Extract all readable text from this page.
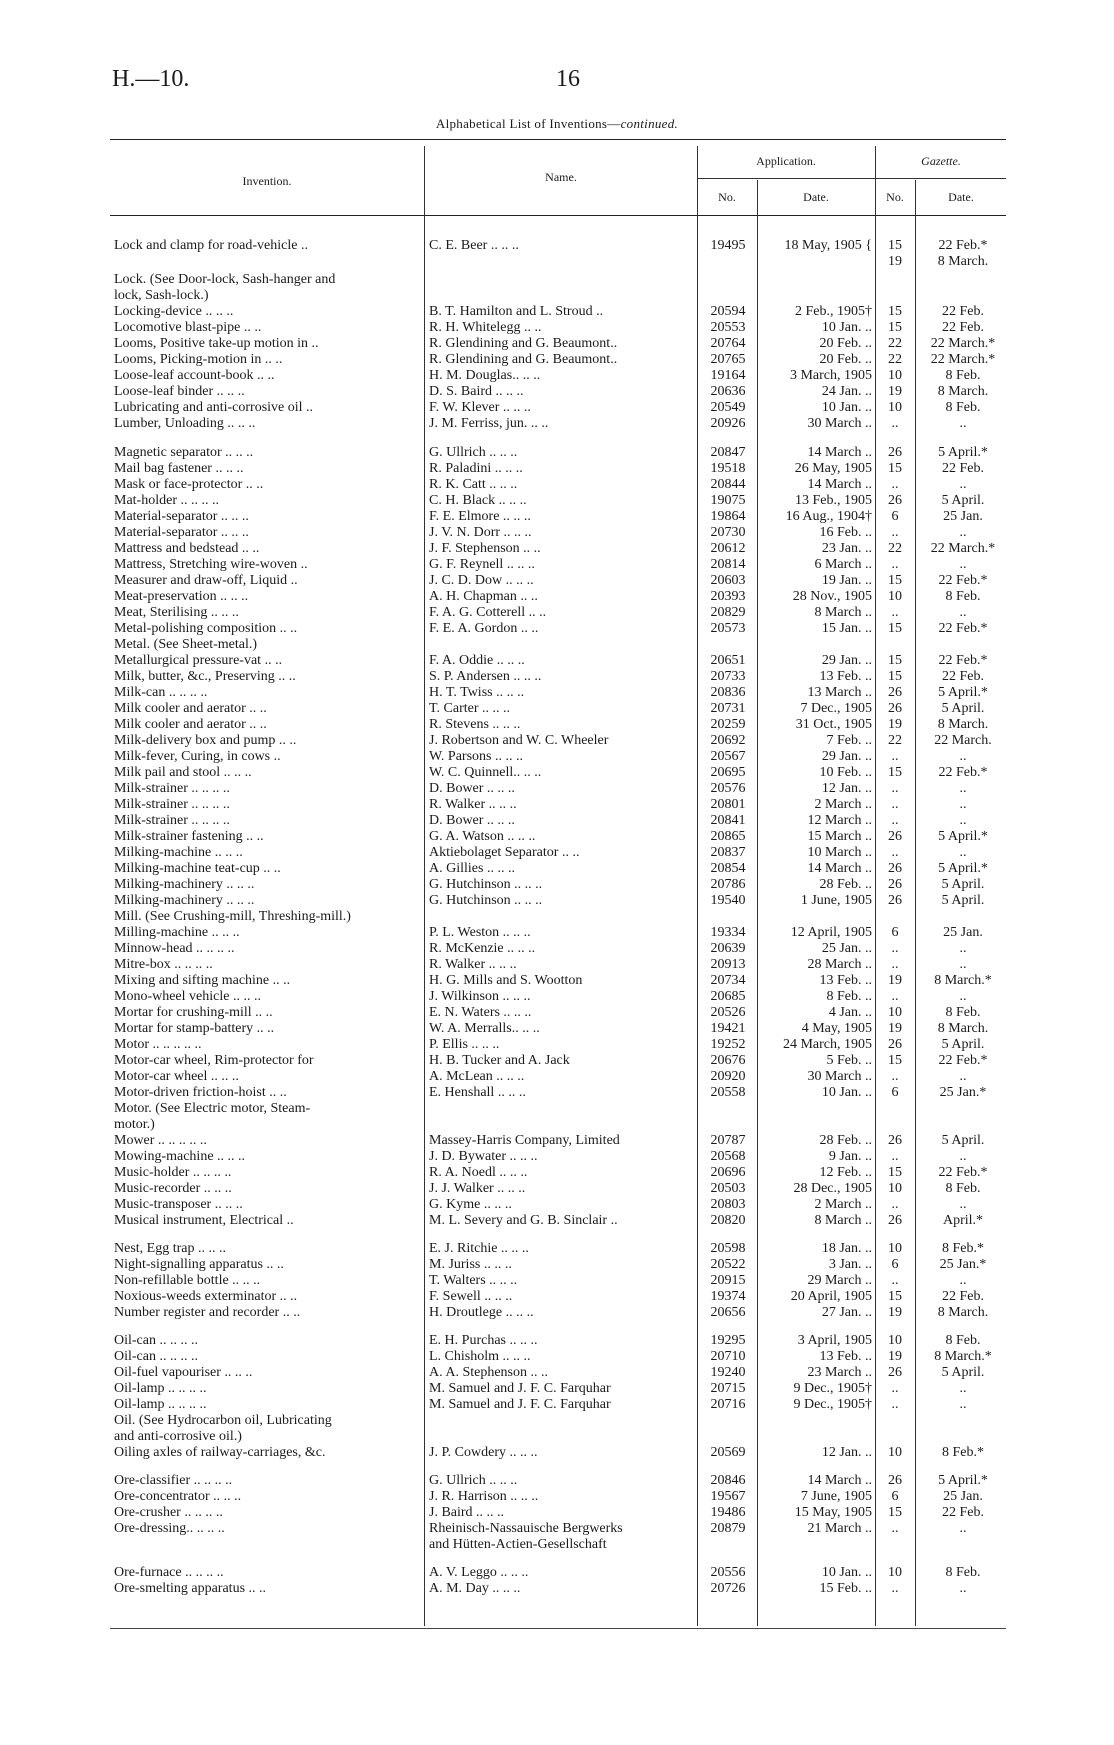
H.—10.	16
Alphabetical List of Inventions—continued.
Invention.	Name.
Application.	Gazette.
No.	Date.	No.	Date.
Lock and clamp for road-vehicle ..	C. E. Beer .. .. ..	19495	18 May, 1905 {	15	22 Feb.*
19	8 March.
Lock. (See Door-lock, Sash-hanger and
lock, Sash-lock.)
Locking-device .. .. ..	B. T. Hamilton and L. Stroud ..	20594	2 Feb., 1905†	15	22 Feb.
Locomotive blast-pipe .. ..	R. H. Whitelegg .. ..	20553	10 Jan. ..	15	22 Feb.
Looms, Positive take-up motion in ..	R. Glendining and G. Beaumont..	20764	20 Feb. ..	22	22 March.*
Looms, Picking-motion in .. ..	R. Glendining and G. Beaumont..	20765	20 Feb. ..	22	22 March.*
Loose-leaf account-book .. ..	H. M. Douglas.. .. ..	19164	3 March, 1905	10	8 Feb.
Loose-leaf binder .. .. ..	D. S. Baird .. .. ..	20636	24 Jan. ..	19	8 March.
Lubricating and anti-corrosive oil ..	F. W. Klever .. .. ..	20549	10 Jan. ..	10	8 Feb.
Lumber, Unloading .. .. ..	J. M. Ferriss, jun. .. ..	20926	30 March ..	..	..
Magnetic separator .. .. ..	G. Ullrich .. .. ..	20847	14 March ..	26	5 April.*
Mail bag fastener .. .. ..	R. Paladini .. .. ..	19518	26 May, 1905	15	22 Feb.
Mask or face-protector .. ..	R. K. Catt .. .. ..	20844	14 March ..	..	..
Mat-holder .. .. .. ..	C. H. Black .. .. ..	19075	13 Feb., 1905	26	5 April.
Material-separator .. .. ..	F. E. Elmore .. .. ..	19864	16 Aug., 1904†	6	25 Jan.
Material-separator .. .. ..	J. V. N. Dorr .. .. ..	20730	16 Feb. ..	..	..
Mattress and bedstead .. ..	J. F. Stephenson .. ..	20612	23 Jan. ..	22	22 March.*
Mattress, Stretching wire-woven ..	G. F. Reynell .. .. ..	20814	6 March ..	..	..
Measurer and draw-off, Liquid ..	J. C. D. Dow .. .. ..	20603	19 Jan. ..	15	22 Feb.*
Meat-preservation .. .. ..	A. H. Chapman .. ..	20393	28 Nov., 1905	10	8 Feb.
Meat, Sterilising .. .. ..	F. A. G. Cotterell .. ..	20829	8 March ..	..	..
Metal-polishing composition .. ..	F. E. A. Gordon .. ..	20573	15 Jan. ..	15	22 Feb.*
Metal. (See Sheet-metal.)
Metallurgical pressure-vat .. ..	F. A. Oddie .. .. ..	20651	29 Jan. ..	15	22 Feb.*
Milk, butter, &c., Preserving .. ..	S. P. Andersen .. .. ..	20733	13 Feb. ..	15	22 Feb.
Milk-can .. .. .. ..	H. T. Twiss .. .. ..	20836	13 March ..	26	5 April.*
Milk cooler and aerator .. ..	T. Carter .. .. ..	20731	7 Dec., 1905	26	5 April.
Milk cooler and aerator .. ..	R. Stevens .. .. ..	20259	31 Oct., 1905	19	8 March.
Milk-delivery box and pump .. ..	J. Robertson and W. C. Wheeler	20692	7 Feb. ..	22	22 March.
Milk-fever, Curing, in cows ..	W. Parsons .. .. ..	20567	29 Jan. ..	..	..
Milk pail and stool .. .. ..	W. C. Quinnell.. .. ..	20695	10 Feb. ..	15	22 Feb.*
Milk-strainer .. .. .. ..	D. Bower .. .. ..	20576	12 Jan. ..	..	..
Milk-strainer .. .. .. ..	R. Walker .. .. ..	20801	2 March ..	..	..
Milk-strainer .. .. .. ..	D. Bower .. .. ..	20841	12 March ..	..	..
Milk-strainer fastening .. ..	G. A. Watson .. .. ..	20865	15 March ..	26	5 April.*
Milking-machine .. .. ..	Aktiebolaget Separator .. ..	20837	10 March ..	..	..
Milking-machine teat-cup .. ..	A. Gillies .. .. ..	20854	14 March ..	26	5 April.*
Milking-machinery .. .. ..	G. Hutchinson .. .. ..	20786	28 Feb. ..	26	5 April.
Milking-machinery .. .. ..	G. Hutchinson .. .. ..	19540	1 June, 1905	26	5 April.
Mill. (See Crushing-mill, Threshing-mill.)
Milling-machine .. .. ..	P. L. Weston .. .. ..	19334	12 April, 1905	6	25 Jan.
Minnow-head .. .. .. ..	R. McKenzie .. .. ..	20639	25 Jan. ..	..	..
Mitre-box .. .. .. ..	R. Walker .. .. ..	20913	28 March ..	..	..
Mixing and sifting machine .. ..	H. G. Mills and S. Wootton	20734	13 Feb. ..	19	8 March.*
Mono-wheel vehicle .. .. ..	J. Wilkinson .. .. ..	20685	8 Feb. ..	..	..
Mortar for crushing-mill .. ..	E. N. Waters .. .. ..	20526	4 Jan. ..	10	8 Feb.
Mortar for stamp-battery .. ..	W. A. Merralls.. .. ..	19421	4 May, 1905	19	8 March.
Motor .. .. .. .. ..	P. Ellis .. .. ..	19252	24 March, 1905	26	5 April.
Motor-car wheel, Rim-protector for	H. B. Tucker and A. Jack	20676	5 Feb. ..	15	22 Feb.*
Motor-car wheel .. .. ..	A. McLean .. .. ..	20920	30 March ..	..	..
Motor-driven friction-hoist .. ..	E. Henshall .. .. ..	20558	10 Jan. ..	6	25 Jan.*
Motor. (See Electric motor, Steam-
motor.)
Mower .. .. .. .. ..	Massey-Harris Company, Limited	20787	28 Feb. ..	26	5 April.
Mowing-machine .. .. ..	J. D. Bywater .. .. ..	20568	9 Jan. ..	..	..
Music-holder .. .. .. ..	R. A. Noedl .. .. ..	20696	12 Feb. ..	15	22 Feb.*
Music-recorder .. .. ..	J. J. Walker .. .. ..	20503	28 Dec., 1905	10	8 Feb.
Music-transposer .. .. ..	G. Kyme .. .. ..	20803	2 March ..	..	..
Musical instrument, Electrical ..	M. L. Severy and G. B. Sinclair ..	20820	8 March ..	26	April.*
Nest, Egg trap .. .. ..	E. J. Ritchie .. .. ..	20598	18 Jan. ..	10	8 Feb.*
Night-signalling apparatus .. ..	M. Juriss .. .. ..	20522	3 Jan. ..	6	25 Jan.*
Non-refillable bottle .. .. ..	T. Walters .. .. ..	20915	29 March ..	..	..
Noxious-weeds exterminator .. ..	F. Sewell .. .. ..	19374	20 April, 1905	15	22 Feb.
Number register and recorder .. ..	H. Droutlege .. .. ..	20656	27 Jan. ..	19	8 March.
Oil-can .. .. .. ..	E. H. Purchas .. .. ..	19295	3 April, 1905	10	8 Feb.
Oil-can .. .. .. ..	L. Chisholm .. .. ..	20710	13 Feb. ..	19	8 March.*
Oil-fuel vapouriser .. .. ..	A. A. Stephenson .. ..	19240	23 March ..	26	5 April.
Oil-lamp .. .. .. ..	M. Samuel and J. F. C. Farquhar	20715	9 Dec., 1905†	..	..
Oil-lamp .. .. .. ..	M. Samuel and J. F. C. Farquhar	20716	9 Dec., 1905†	..	..
Oil. (See Hydrocarbon oil, Lubricating
and anti-corrosive oil.)
Oiling axles of railway-carriages, &c.	J. P. Cowdery .. .. ..	20569	12 Jan. ..	10	8 Feb.*
Ore-classifier .. .. .. ..	G. Ullrich .. .. ..	20846	14 March ..	26	5 April.*
Ore-concentrator .. .. ..	J. R. Harrison .. .. ..	19567	7 June, 1905	6	25 Jan.
Ore-crusher .. .. .. ..	J. Baird .. .. ..	19486	15 May, 1905	15	22 Feb.
Ore-dressing.. .. .. ..	Rheinisch-Nassauische Bergwerks	20879	21 March ..	..	..
and Hütten-Actien-Gesellschaft
Ore-furnace .. .. .. ..	A. V. Leggo .. .. ..	20556	10 Jan. ..	10	8 Feb.
Ore-smelting apparatus .. ..	A. M. Day .. .. ..	20726	15 Feb. ..	..	..
